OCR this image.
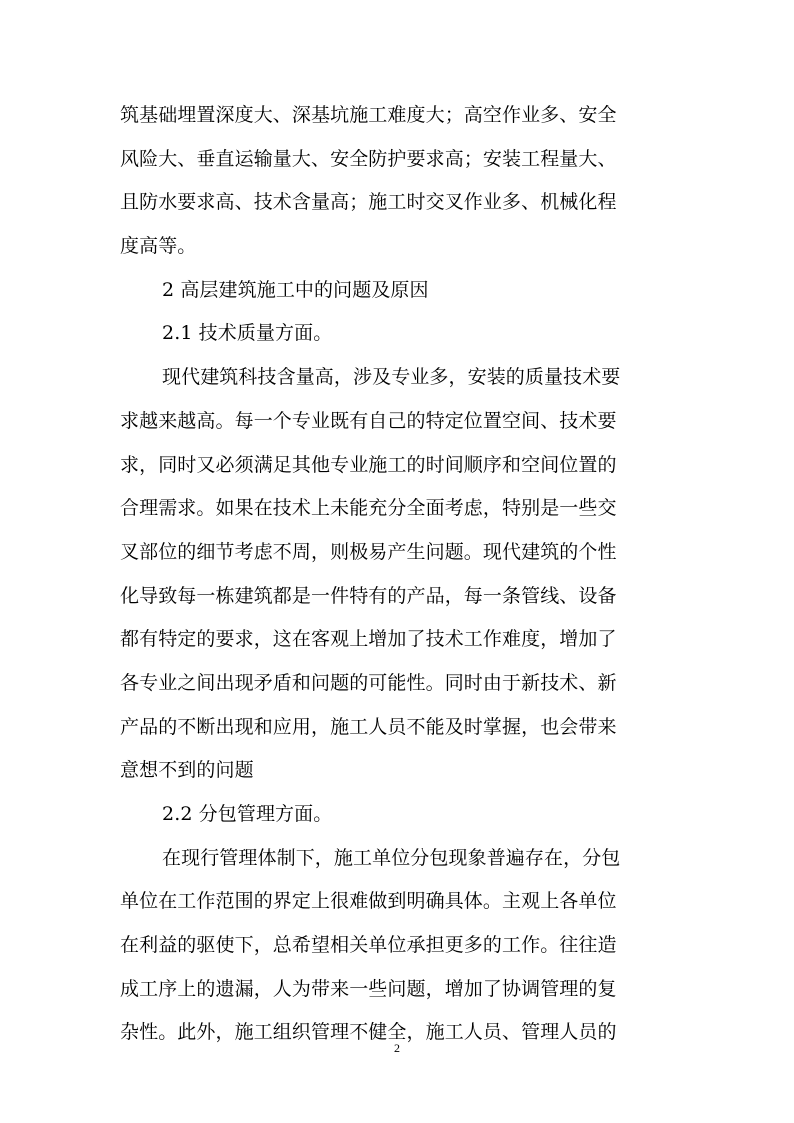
筑基础埋置深度大、深基坑施工难度大；高空作业多、安全
风险大、垂直运输量大、安全防护要求高；安装工程量大、
且防水要求高、技术含量高；施工时交叉作业多、机械化程
度高等。
2 高层建筑施工中的问题及原因
2.1 技术质量方面。
现代建筑科技含量高，涉及专业多，安装的质量技术要
求越来越高。每一个专业既有自己的特定位置空间、技术要
求，同时又必须满足其他专业施工的时间顺序和空间位置的
合理需求。如果在技术上未能充分全面考虑，特别是一些交
叉部位的细节考虑不周，则极易产生问题。现代建筑的个性
化导致每一栋建筑都是一件特有的产品，每一条管线、设备
都有特定的要求，这在客观上增加了技术工作难度，增加了
各专业之间出现矛盾和问题的可能性。同时由于新技术、新
产品的不断出现和应用，施工人员不能及时掌握，也会带来
意想不到的问题
2.2 分包管理方面。
在现行管理体制下，施工单位分包现象普遍存在，分包
单位在工作范围的界定上很难做到明确具体。主观上各单位
在利益的驱使下，总希望相关单位承担更多的工作。往往造
成工序上的遗漏，人为带来一些问题，增加了协调管理的复
杂性。此外，施工组织管理不健全，施工人员、管理人员的
2
